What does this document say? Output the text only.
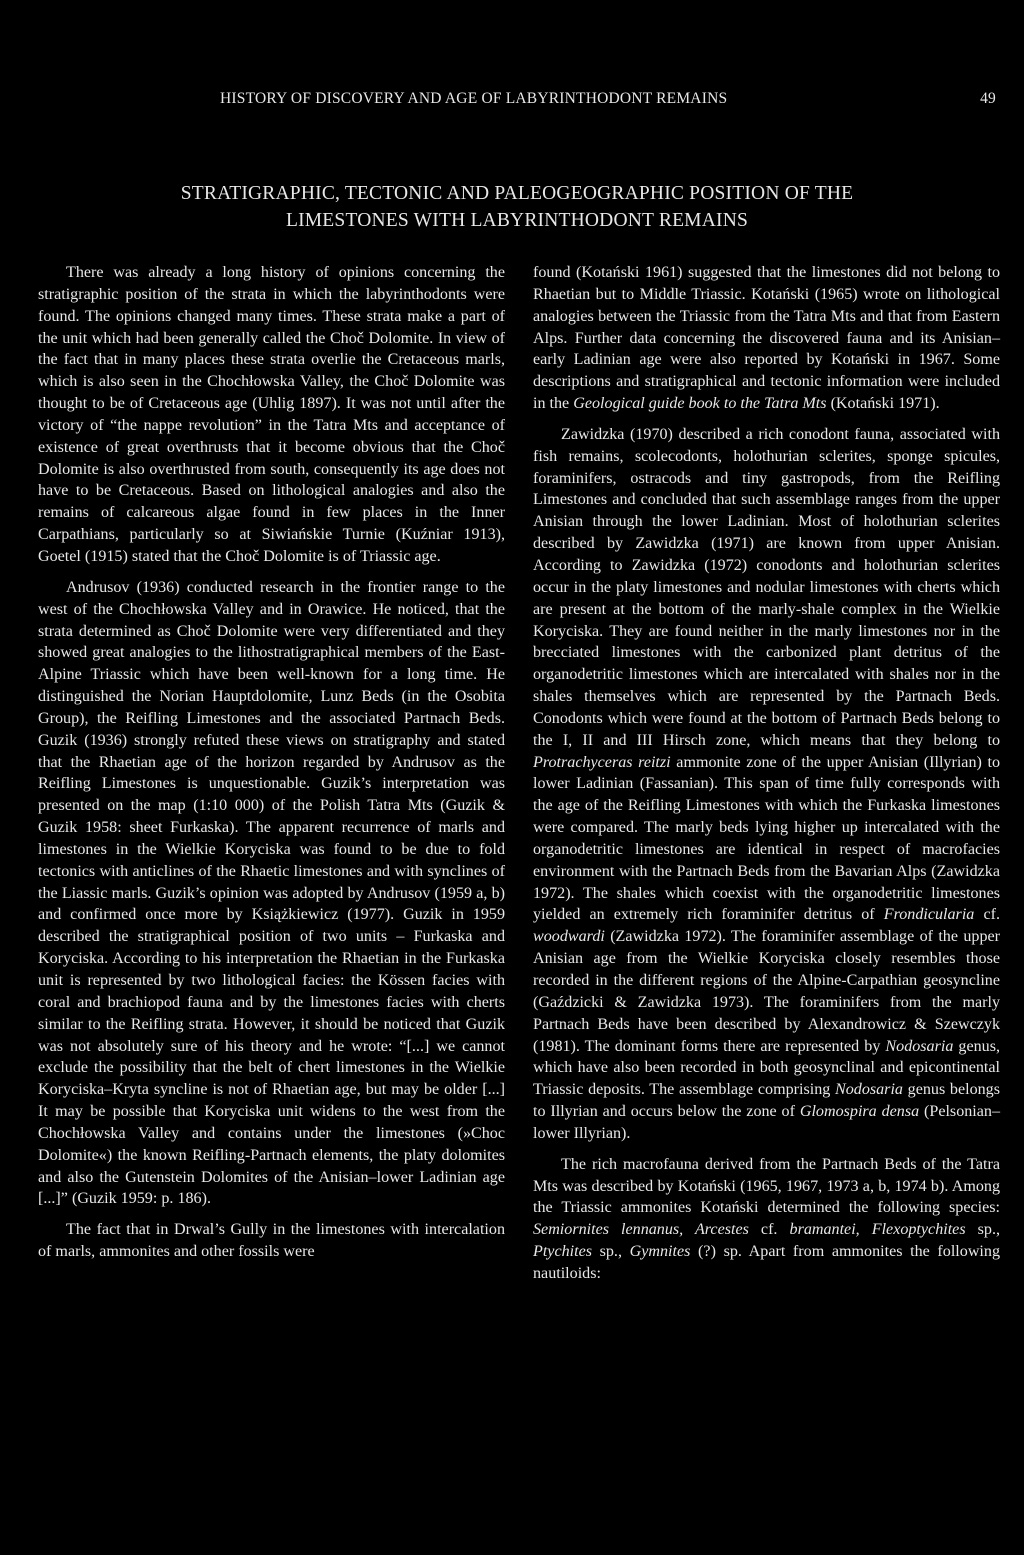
HISTORY OF DISCOVERY AND AGE OF LABYRINTHODONT REMAINS	49
STRATIGRAPHIC, TECTONIC AND PALEOGEOGRAPHIC POSITION OF THE
LIMESTONES WITH LABYRINTHODONT REMAINS

There was already a long history of opinions concerning the stratigraphic position of the strata in which the labyrinthodonts were found. The opinions changed many times. These strata make a part of the unit which had been generally called the Choč Dolomite. In view of the fact that in many places these strata overlie the Cretaceous marls, which is also seen in the Chochłowska Valley, the Choč Dolomite was thought to be of Cretaceous age (Uhlig 1897). It was not until after the victory of “the nappe revolution” in the Tatra Mts and acceptance of existence of great overthrusts that it become obvious that the Choč Dolomite is also overthrusted from south, consequently its age does not have to be Cretaceous. Based on lithological analogies and also the remains of calcareous algae found in few places in the Inner Carpathians, particularly so at Siwiańskie Turnie (Kuźniar 1913), Goetel (1915) stated that the Choč Dolomite is of Triassic age.

Andrusov (1936) conducted research in the frontier range to the west of the Chochłowska Valley and in Orawice. He noticed, that the strata determined as Choč Dolomite were very differentiated and they showed great analogies to the lithostratigraphical members of the East-Alpine Triassic which have been well-known for a long time. He distinguished the Norian Hauptdolomite, Lunz Beds (in the Osobita Group), the Reifling Limestones and the associated Partnach Beds. Guzik (1936) strongly refuted these views on stratigraphy and stated that the Rhaetian age of the horizon regarded by Andrusov as the Reifling Limestones is unquestionable. Guzik’s interpretation was presented on the map (1:10 000) of the Polish Tatra Mts (Guzik & Guzik 1958: sheet Furkaska). The apparent recurrence of marls and limestones in the Wielkie Koryciska was found to be due to fold tectonics with anticlines of the Rhaetic limestones and with synclines of the Liassic marls. Guzik’s opinion was adopted by Andrusov (1959 a, b) and confirmed once more by Książkiewicz (1977). Guzik in 1959 described the stratigraphical position of two units – Furkaska and Koryciska. According to his interpretation the Rhaetian in the Furkaska unit is represented by two lithological facies: the Kössen facies with coral and brachiopod fauna and by the limestones facies with cherts similar to the Reifling strata. However, it should be noticed that Guzik was not absolutely sure of his theory and he wrote: “[...] we cannot exclude the possibility that the belt of chert limestones in the Wielkie Koryciska–Kryta syncline is not of Rhaetian age, but may be older [...] It may be possible that Koryciska unit widens to the west from the Chochłowska Valley and contains under the limestones (»Choc Dolomite«) the known Reifling-Partnach elements, the platy dolomites and also the Gutenstein Dolomites of the Anisian–lower Ladinian age [...]” (Guzik 1959: p. 186).

The fact that in Drwal’s Gully in the limestones with intercalation of marls, ammonites and other fossils were

found (Kotański 1961) suggested that the limestones did not belong to Rhaetian but to Middle Triassic. Kotański (1965) wrote on lithological analogies between the Triassic from the Tatra Mts and that from Eastern Alps. Further data concerning the discovered fauna and its Anisian–early Ladinian age were also reported by Kotański in 1967. Some descriptions and stratigraphical and tectonic information were included in the Geological guide book to the Tatra Mts (Kotański 1971).

Zawidzka (1970) described a rich conodont fauna, associated with fish remains, scolecodonts, holothurian sclerites, sponge spicules, foraminifers, ostracods and tiny gastropods, from the Reifling Limestones and concluded that such assemblage ranges from the upper Anisian through the lower Ladinian. Most of holothurian sclerites described by Zawidzka (1971) are known from upper Anisian. According to Zawidzka (1972) conodonts and holothurian sclerites occur in the platy limestones and nodular limestones with cherts which are present at the bottom of the marly-shale complex in the Wielkie Koryciska. They are found neither in the marly limestones nor in the brecciated limestones with the carbonized plant detritus of the organodetritic limestones which are intercalated with shales nor in the shales themselves which are represented by the Partnach Beds. Conodonts which were found at the bottom of Partnach Beds belong to the I, II and III Hirsch zone, which means that they belong to Protrachyceras reitzi ammonite zone of the upper Anisian (Illyrian) to lower Ladinian (Fassanian). This span of time fully corresponds with the age of the Reifling Limestones with which the Furkaska limestones were compared. The marly beds lying higher up intercalated with the organodetritic limestones are identical in respect of macrofacies environment with the Partnach Beds from the Bavarian Alps (Zawidzka 1972). The shales which coexist with the organodetritic limestones yielded an extremely rich foraminifer detritus of Frondicularia cf. woodwardi (Zawidzka 1972). The foraminifer assemblage of the upper Anisian age from the Wielkie Koryciska closely resembles those recorded in the different regions of the Alpine-Carpathian geosyncline (Gaździcki & Zawidzka 1973). The foraminifers from the marly Partnach Beds have been described by Alexandrowicz & Szewczyk (1981). The dominant forms there are represented by Nodosaria genus, which have also been recorded in both geosynclinal and epicontinental Triassic deposits. The assemblage comprising Nodosaria genus belongs to Illyrian and occurs below the zone of Glomospira densa (Pelsonian–lower Illyrian).

The rich macrofauna derived from the Partnach Beds of the Tatra Mts was described by Kotański (1965, 1967, 1973 a, b, 1974 b). Among the Triassic ammonites Kotański determined the following species: Semiornites lennanus, Arcestes cf. bramantei, Flexoptychites sp., Ptychites sp., Gymnites (?) sp. Apart from ammonites the following nautiloids:
